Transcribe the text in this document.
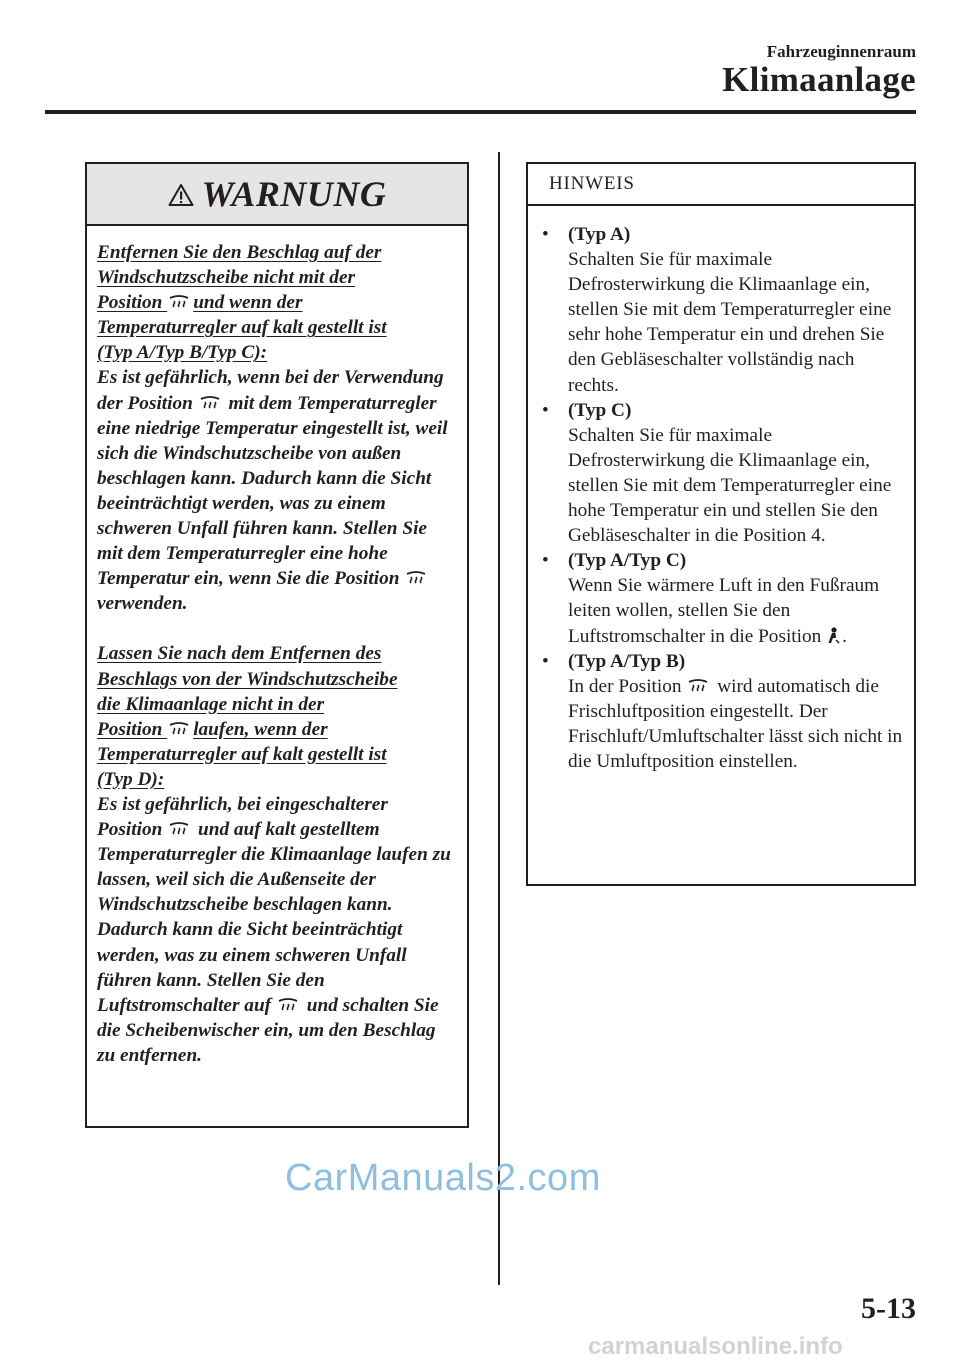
Fahrzeuginnenraum
Klimaanlage
WARNUNG

Entfernen Sie den Beschlag auf der
Windschutzscheibe nicht mit der
Position und wenn der
Temperaturregler auf kalt gestellt ist
(Typ A/Typ B/Typ C):
Es ist gefährlich, wenn bei der Verwendung der Position  mit dem Temperaturregler eine niedrige Temperatur eingestellt ist, weil sich die Windschutzscheibe von außen beschlagen kann. Dadurch kann die Sicht beeinträchtigt werden, was zu einem schweren Unfall führen kann. Stellen Sie mit dem Temperaturregler eine hohe Temperatur ein, wenn Sie die Position  verwenden.

Lassen Sie nach dem Entfernen des
Beschlags von der Windschutzscheibe
die Klimaanlage nicht in der
Position laufen, wenn der
Temperaturregler auf kalt gestellt ist
(Typ D):
Es ist gefährlich, bei eingeschalterer Position  und auf kalt gestelltem Temperaturregler die Klimaanlage laufen zu lassen, weil sich die Außenseite der Windschutzscheibe beschlagen kann. Dadurch kann die Sicht beeinträchtigt werden, was zu einem schweren Unfall führen kann. Stellen Sie den Luftstromschalter auf  und schalten Sie die Scheibenwischer ein, um den Beschlag zu entfernen.

HINWEIS
• (Typ A)
Schalten Sie für maximale Defrosterwirkung die Klimaanlage ein, stellen Sie mit dem Temperaturregler eine sehr hohe Temperatur ein und drehen Sie den Gebläseschalter vollständig nach rechts.
• (Typ C)
Schalten Sie für maximale Defrosterwirkung die Klimaanlage ein, stellen Sie mit dem Temperaturregler eine hohe Temperatur ein und stellen Sie den Gebläseschalter in die Position 4.
• (Typ A/Typ C)
Wenn Sie wärmere Luft in den Fußraum leiten wollen, stellen Sie den Luftstromschalter in die Position .
• (Typ A/Typ B)
In der Position  wird automatisch die Frischluftposition eingestellt. Der Frischluft/Umluftschalter lässt sich nicht in die Umluftposition einstellen.
CarManuals2.com
5-13
carmanualsonline.info
